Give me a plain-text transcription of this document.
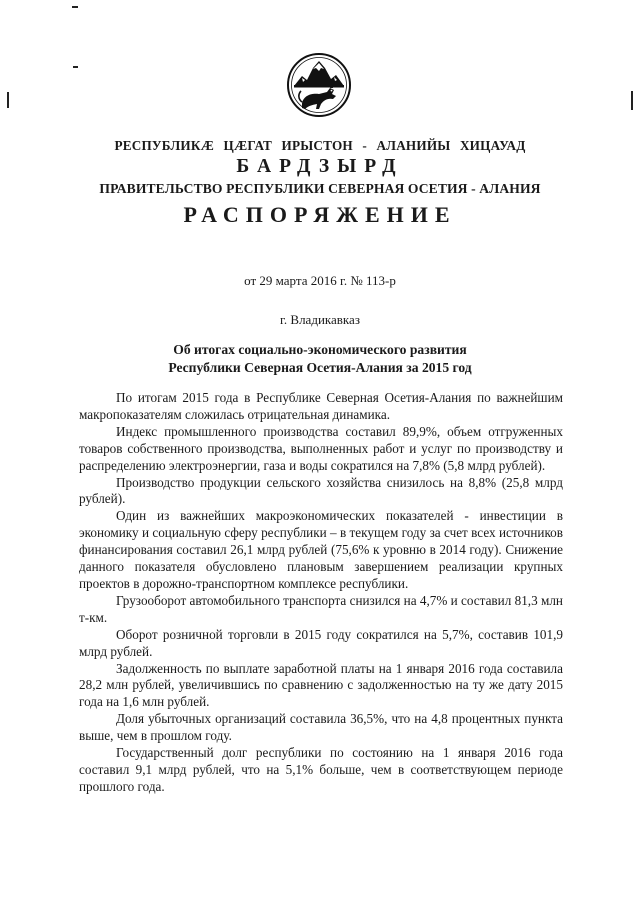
РЕСПУБЛИКÆ ЦÆГАТ ИРЫСТОН - АЛАНИЙЫ ХИЦАУАД
БАРДЗЫРД
ПРАВИТЕЛЬСТВО РЕСПУБЛИКИ СЕВЕРНАЯ ОСЕТИЯ - АЛАНИЯ
РАСПОРЯЖЕНИЕ
от 29 марта 2016 г. № 113-р
г. Владикавказ
Об итогах социально-экономического развития
Республики Северная Осетия-Алания за 2015 год

По итогам 2015 года в Республике Северная Осетия-Алания по важнейшим макропоказателям сложилась отрицательная динамика.

Индекс промышленного производства составил 89,9%, объем отгруженных товаров собственного производства, выполненных работ и услуг по производству и распределению электроэнергии, газа и воды сократился на 7,8% (5,8 млрд рублей).

Производство продукции сельского хозяйства снизилось на 8,8% (25,8 млрд рублей).

Один из важнейших макроэкономических показателей - инвестиции в экономику и социальную сферу республики – в текущем году за счет всех источников финансирования составил 26,1 млрд рублей (75,6% к уровню в 2014 году). Снижение данного показателя обусловлено плановым завершением реализации крупных проектов в дорожно-транспортном комплексе республики.

Грузооборот автомобильного транспорта снизился на 4,7% и составил 81,3 млн т-км.

Оборот розничной торговли в 2015 году сократился на 5,7%, составив 101,9 млрд рублей.

Задолженность по выплате заработной платы на 1 января 2016 года составила 28,2 млн рублей, увеличившись по сравнению с задолженностью на ту же дату 2015 года на 1,6 млн рублей.

Доля убыточных организаций составила 36,5%, что на 4,8 процентных пункта выше, чем в прошлом году.

Государственный долг республики по состоянию на 1 января 2016 года составил 9,1 млрд рублей, что на 5,1% больше, чем в соответствующем периоде прошлого года.
